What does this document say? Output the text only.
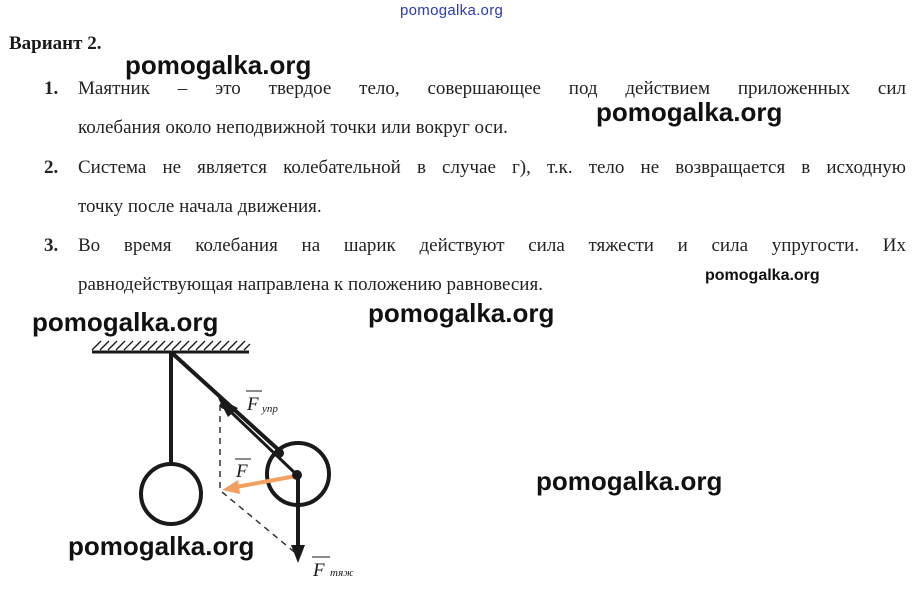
pomogalka.org
Вариант 2.
1. Маятник – это твердое тело, совершающее под действием приложенных сил
колебания около неподвижной точки или вокруг оси.
2. Система не является колебательной в случае г), т.к. тело не возвращается в исходную
точку после начала движения.
3. Во время колебания на шарик действуют сила тяжести и сила упругости. Их
равнодействующая направлена к положению равновесия.
F упр
F
F тяж
pomogalka.org
pomogalka.org
pomogalka.org
pomogalka.org	pomogalka.org
pomogalka.org
pomogalka.org
